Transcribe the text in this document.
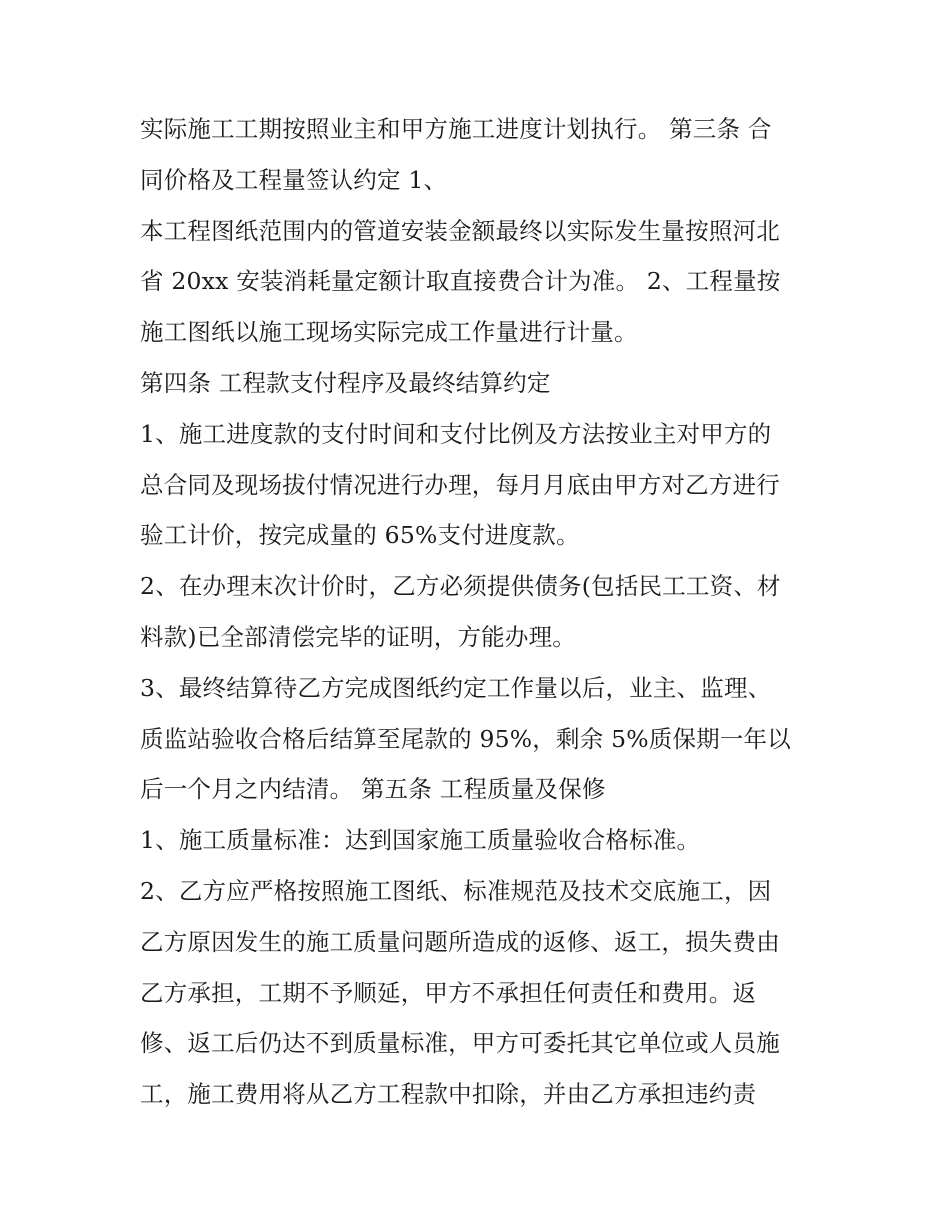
实际施工工期按照业主和甲方施工进度计划执行。 第三条 合
同价格及工程量签认约定 1、
本工程图纸范围内的管道安装金额最终以实际发生量按照河北
省 20xx 安装消耗量定额计取直接费合计为准。 2、工程量按
施工图纸以施工现场实际完成工作量进行计量。
第四条 工程款支付程序及最终结算约定
1、施工进度款的支付时间和支付比例及方法按业主对甲方的
总合同及现场拔付情况进行办理，每月月底由甲方对乙方进行
验工计价，按完成量的 65%支付进度款。
2、在办理末次计价时，乙方必须提供债务(包括民工工资、材
料款)已全部清偿完毕的证明，方能办理。
3、最终结算待乙方完成图纸约定工作量以后，业主、监理、
质监站验收合格后结算至尾款的 95%，剩余 5%质保期一年以
后一个月之内结清。 第五条 工程质量及保修
1、施工质量标准：达到国家施工质量验收合格标准。
2、乙方应严格按照施工图纸、标准规范及技术交底施工，因
乙方原因发生的施工质量问题所造成的返修、返工，损失费由
乙方承担，工期不予顺延，甲方不承担任何责任和费用。返
修、返工后仍达不到质量标准，甲方可委托其它单位或人员施
工，施工费用将从乙方工程款中扣除，并由乙方承担违约责
